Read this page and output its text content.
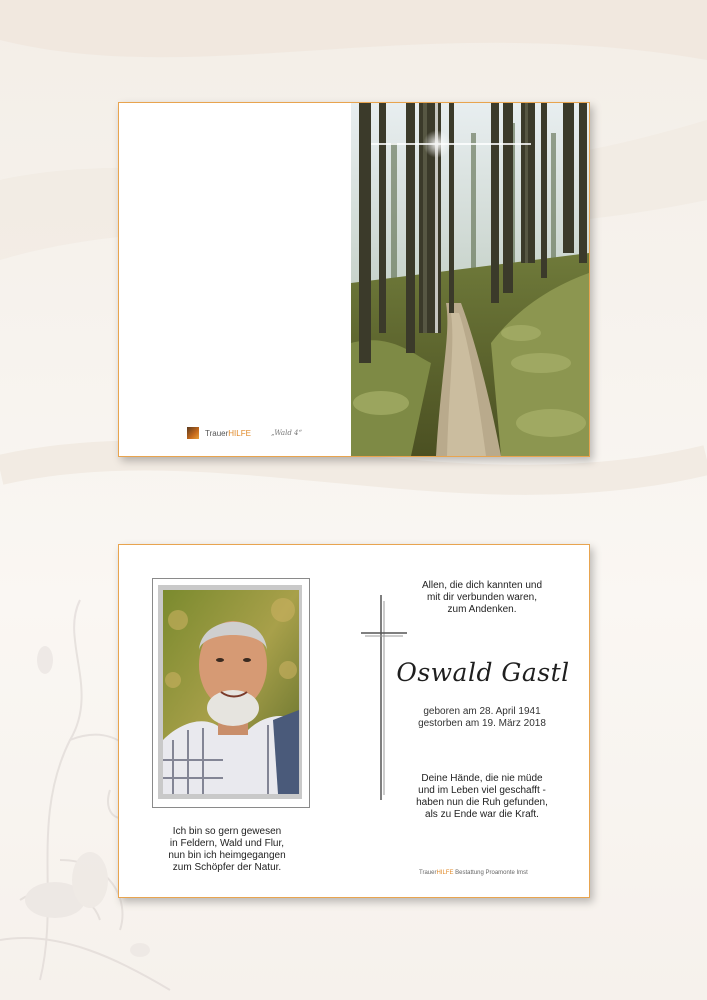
TrauerHILFE	„Wald 4“
Ich bin so gern gewesen
in Feldern, Wald und Flur,
nun bin ich heimgegangen
zum Schöpfer der Natur.
Allen, die dich kannten und
mit dir verbunden waren,
zum Andenken.
Oswald Gastl
geboren am 28. April 1941
gestorben am 19. März 2018
Deine Hände, die nie müde
und im Leben viel geschafft -
haben nun die Ruh gefunden,
als zu Ende war die Kraft.
TrauerHILFE Bestattung Proamonte Imst
